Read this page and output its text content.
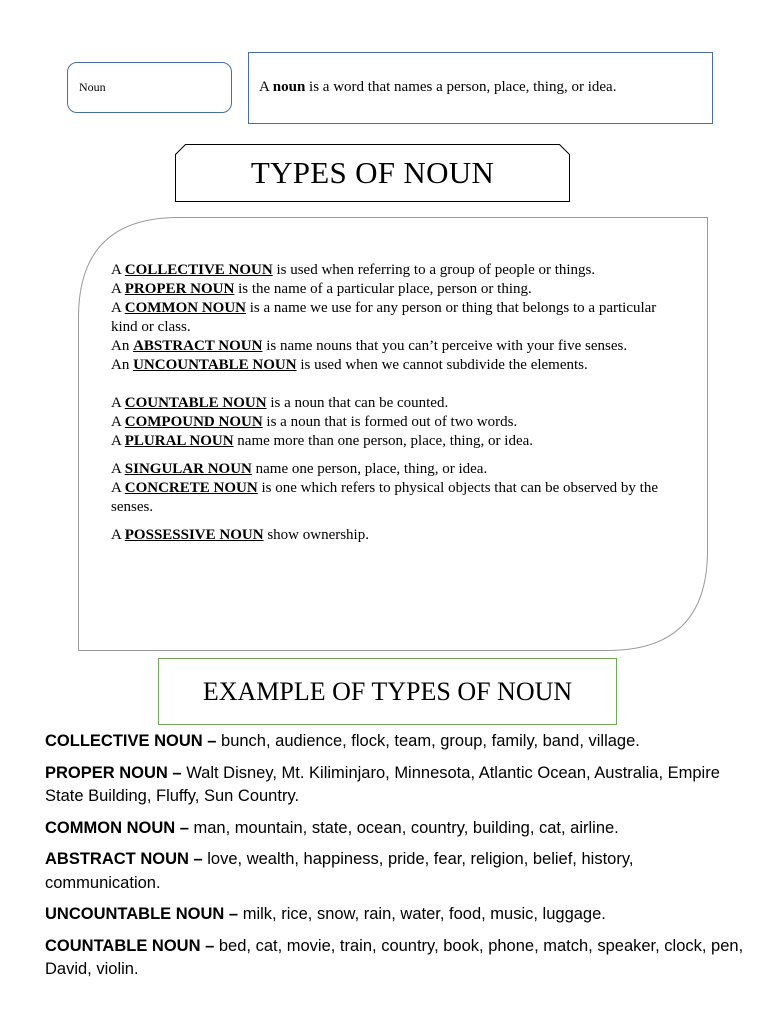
Noun	A noun is a word that names a person, place, thing, or idea.
TYPES OF NOUN

A COLLECTIVE NOUN is used when referring to a group of people or things.

A PROPER NOUN is the name of a particular place, person or thing.

A COMMON NOUN is a name we use for any person or thing that belongs to a particular kind or class.

An ABSTRACT NOUN is name nouns that you can’t perceive with your five senses.

An UNCOUNTABLE NOUN is used when we cannot subdivide the elements.

A COUNTABLE NOUN is a noun that can be counted.

A COMPOUND NOUN is a noun that is formed out of two words.

A PLURAL NOUN name more than one person, place, thing, or idea.

A SINGULAR NOUN name one person, place, thing, or idea.

A CONCRETE NOUN is one which refers to physical objects that can be observed by the senses.

A POSSESSIVE NOUN show ownership.

EXAMPLE OF TYPES OF NOUN

COLLECTIVE NOUN – bunch, audience, flock, team, group, family, band, village.

PROPER NOUN – Walt Disney, Mt. Kiliminjaro, Minnesota, Atlantic Ocean, Australia, Empire State Building, Fluffy, Sun Country.

COMMON NOUN – man, mountain, state, ocean, country, building, cat, airline.

ABSTRACT NOUN – love, wealth, happiness, pride, fear, religion, belief, history, communication.

UNCOUNTABLE NOUN – milk, rice, snow, rain, water, food, music, luggage.

COUNTABLE NOUN – bed, cat, movie, train, country, book, phone, match, speaker, clock, pen, David, violin.
